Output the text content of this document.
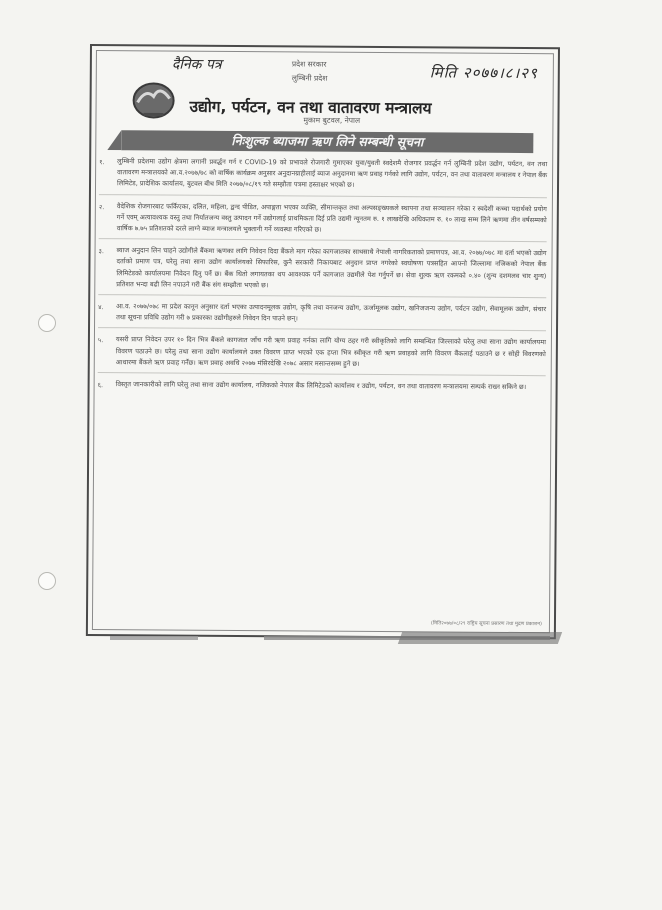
दैनिक पत्र	मिति २०७७।८।२९
प्रदेश सरकार
लुम्बिनी प्रदेश
उद्योग, पर्यटन, वन तथा वातावरण मन्त्रालय
मुकाम बुटवल, नेपाल
निःशुल्क ब्याजमा ऋण लिने सम्बन्धी सूचना
१.	लुम्बिनी प्रदेशमा उद्योग क्षेत्रमा लगानी प्रवर्द्धन गर्न र COVID-19 को प्रभावले रोजगारी गुमाएका युवा/युवती स्वदेशमै रोजगार प्रवर्द्धन गर्न लुम्बिनी प्रदेश उद्योग, पर्यटन, वन तथा वातावरण मन्त्रालयको आ.व.२०७७/७८ को वार्षिक कार्यक्रम अनुसार अनुदानग्राहीलाई ब्याज अनुदानमा ऋण प्रवाह गर्नको लागि उद्योग, पर्यटन, वन तथा वातावरण मन्त्रालय र नेपाल बैंक लिमिटेड, प्रादेशिक कार्यालय, बुटवल बीच मिति २०७७/०८/१९ गते सम्झौता पत्रमा हस्ताक्षर भएको छ।
२.	वैदेशिक रोजगारबाट फर्किएका, दलित, महिला, द्वन्द पीडित, अपाङ्गता भएका व्यक्ति, सीमान्तकृत तथा अल्पसङ्ख्यकले स्थापना तथा सञ्चालन गरेका र स्वदेशी कच्चा पदार्थको प्रयोग गर्ने एवम् अत्यावश्यक वस्तु तथा निर्यातजन्य वस्तु उत्पादन गर्ने उद्योगलाई प्राथमिकता दिई प्रति उद्यमी न्यूनतम रु. १ लाखदेखि अधिकतम रु. १० लाख सम्म लिने ऋणमा तीन वर्षसम्मको वार्षिक ७.७५ प्रतिशतको दरले लाग्ने ब्याज मन्त्रालयले भुक्तानी गर्ने व्यवस्था गरिएको छ।
३.	ब्याज अनुदान लिन चाहने उद्योगीले बैंकमा ऋणका लागि निवेदन दिदा बैंकले माग गरेका कागजातका साथसाथै नेपाली नागरिकताको प्रमाणपत्र, आ.व. २०७७/०७८ मा दर्ता भएको उद्योग दर्ताको प्रमाण पत्र, घरेलु तथा साना उद्योग कार्यालयको सिफारिस, कुनै सरकारी निकायबाट अनुदान प्राप्त नगरेको स्वघोषणा पत्रसहित आफ्नो जिल्लामा नजिकको नेपाल बैंक लिमिटेडको कार्यालयमा निवेदन दिनु पर्ने छ। बैंक धितो लगायतका थप आवश्यक पर्ने कागजात उद्यमीले पेश गर्नुपर्ने छ। सेवा शुल्क ऋण रकमको ०.४० (शुन्य दशमलव चार शुन्य) प्रतिशत भन्दा बढी लिन नपाउने गरी बैंक संग सम्झौता भएको छ।
४.	आ.व. २०७७/०७८ मा प्रदेश कानून अनुसार दर्ता भएका उत्पादनमूलक उद्योग, कृषि तथा वनजन्य उद्योग, ऊर्जामूलक उद्योग, खनिजजन्य उद्योग, पर्यटन उद्योग, सेवामूलक उद्योग, संचार तथा सूचना प्रविधि उद्योग गरी ७ प्रकारका उद्योगीहरुले निवेदन दिन पाउने छन्।
५.	यसरी प्राप्त निवेदन उपर १० दिन भित्र बैंकले कागजात जाँच गरी ऋण प्रवाह गर्नका लागि योग्य ठहर गरी स्वीकृतिको लागि सम्बन्धित जिल्लाको घरेलु तथा साना उद्योग कार्यालयमा विवरण पठाउने छ। घरेलु तथा साना उद्योग कार्यालयले उक्त विवरण प्राप्त भएको एक हप्ता भित्र स्वीकृत गरी ऋण प्रवाहको लागि विवरण बैंकलाई पठाउने छ र सोही विवरणको आधारमा बैंकले ऋण प्रवाह गर्नेछ। ऋण प्रवाह अवधि २०७७ मंसिरदेखि २०७८ असार मसान्तसम्म हुने छ।
६.	विस्तृत जानकारीको लागि घरेलु तथा साना उद्योग कार्यालय, नजिकको नेपाल बैंक लिमिटेडको कार्यालय र उद्योग, पर्यटन, वन तथा वातावरण मन्त्रालयमा सम्पर्क राख्न सकिने छ।
(मिति२०७७/०८/२९ राष्ट्रिय सूचना प्रसारण तथा मुद्रण प्रकाशन)
